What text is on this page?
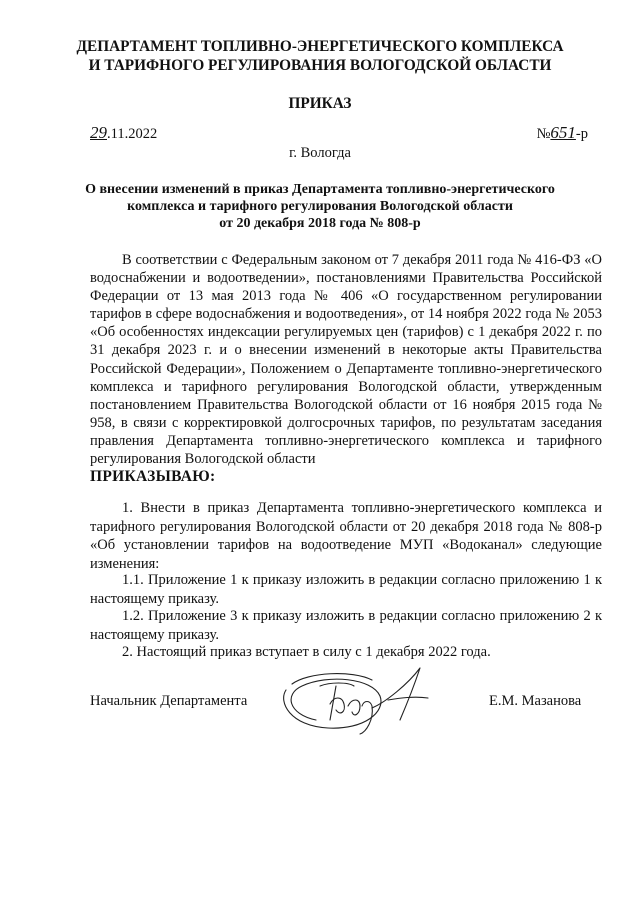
ДЕПАРТАМЕНТ ТОПЛИВНО-ЭНЕРГЕТИЧЕСКОГО КОМПЛЕКСА
И ТАРИФНОГО РЕГУЛИРОВАНИЯ ВОЛОГОДСКОЙ ОБЛАСТИ
ПРИКАЗ
29.11.2022	№651-р
г. Вологда
О внесении изменений в приказ Департамента топливно-энергетического
комплекса и тарифного регулирования Вологодской области
от 20 декабря 2018 года № 808-р

В соответствии с Федеральным законом от 7 декабря 2011 года № 416-ФЗ «О водоснабжении и водоотведении», постановлениями Правительства Российской Федерации от 13 мая 2013 года № 406 «О государственном регулировании тарифов в сфере водоснабжения и водоотведения», от 14 ноября 2022 года № 2053 «Об особенностях индексации регулируемых цен (тарифов) с 1 декабря 2022 г. по 31 декабря 2023 г. и о внесении изменений в некоторые акты Правительства Российской Федерации», Положением о Департаменте топливно-энергетического комплекса и тарифного регулирования Вологодской области, утвержденным постановлением Правительства Вологодской области от 16 ноября 2015 года № 958, в связи с корректировкой долгосрочных тарифов, по результатам заседания правления Департамента топливно-энергетического комплекса и тарифного регулирования Вологодской области
ПРИКАЗЫВАЮ:

1. Внести в приказ Департамента топливно-энергетического комплекса и тарифного регулирования Вологодской области от 20 декабря 2018 года № 808-р «Об установлении тарифов на водоотведение МУП «Водоканал» следующие изменения:

1.1. Приложение 1 к приказу изложить в редакции согласно приложению 1 к настоящему приказу.

1.2. Приложение 3 к приказу изложить в редакции согласно приложению 2 к настоящему приказу.

2. Настоящий приказ вступает в силу с 1 декабря 2022 года.

Начальник Департамента	Е.М. Мазанова
